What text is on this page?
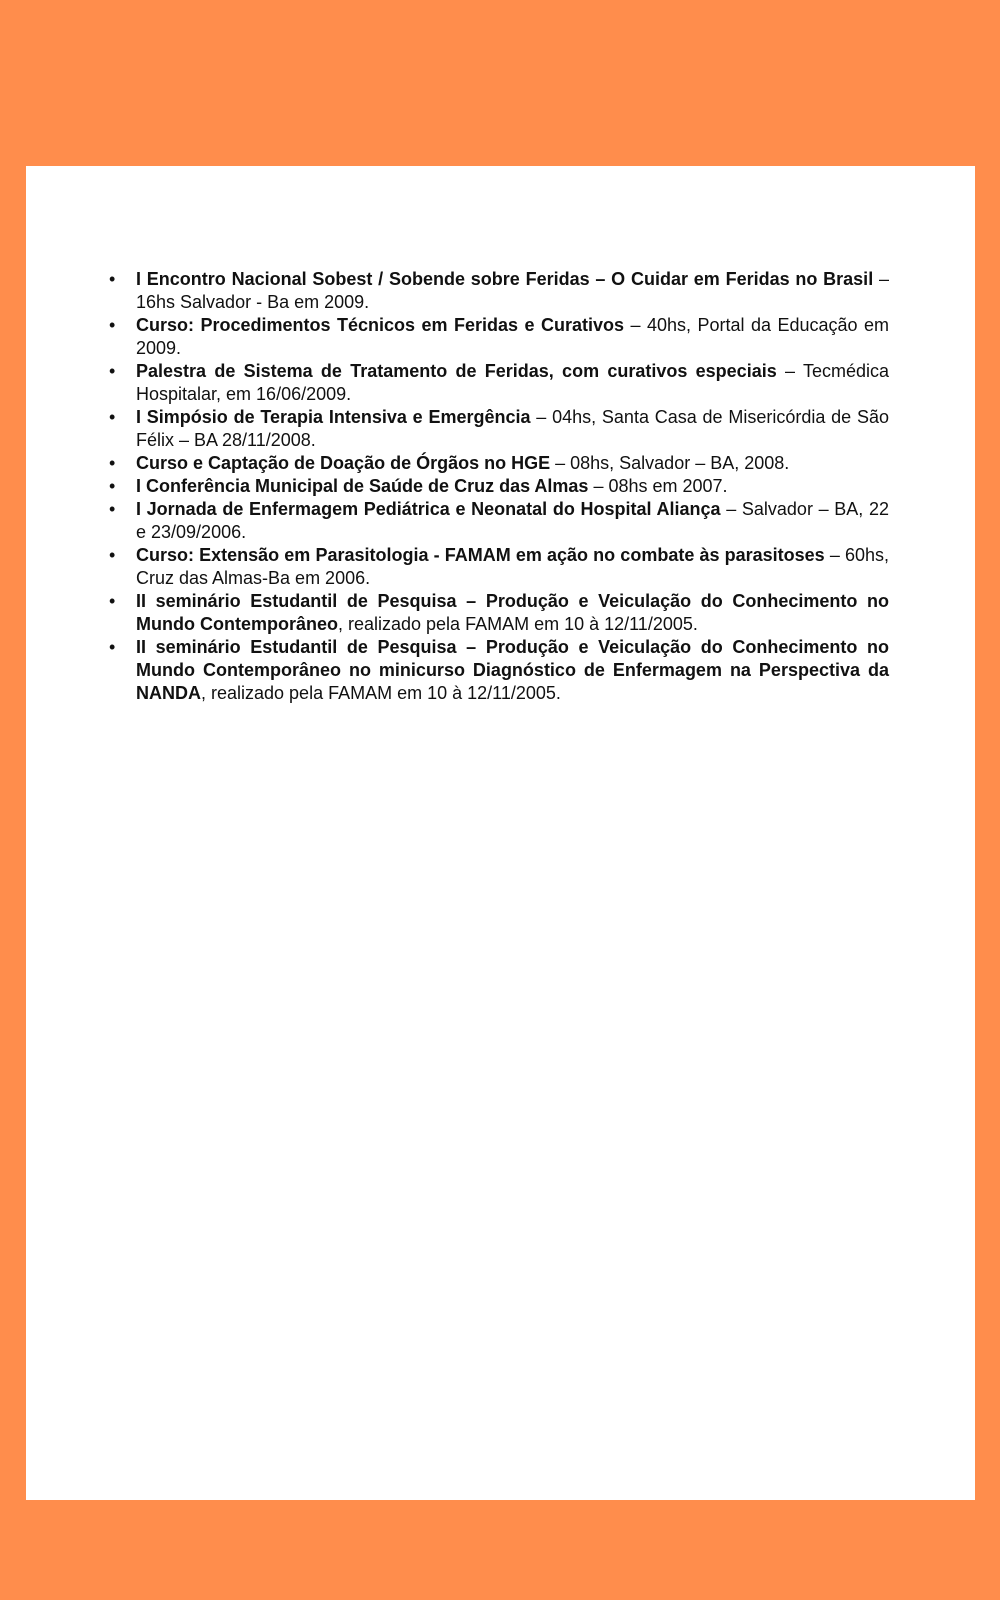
• I Encontro Nacional Sobest / Sobende sobre Feridas – O Cuidar em Feridas no Brasil – 16hs Salvador - Ba em 2009.
• Curso: Procedimentos Técnicos em Feridas e Curativos – 40hs, Portal da Educação em 2009.
• Palestra de Sistema de Tratamento de Feridas, com curativos especiais – Tecmédica Hospitalar, em 16/06/2009.
• I Simpósio de Terapia Intensiva e Emergência – 04hs, Santa Casa de Misericórdia de São Félix – BA 28/11/2008.
• Curso e Captação de Doação de Órgãos no HGE – 08hs, Salvador – BA, 2008.
• I Conferência Municipal de Saúde de Cruz das Almas – 08hs em 2007.
• I Jornada de Enfermagem Pediátrica e Neonatal do Hospital Aliança – Salvador – BA, 22 e 23/09/2006.
• Curso: Extensão em Parasitologia - FAMAM em ação no combate às parasitoses – 60hs, Cruz das Almas-Ba em 2006.
• II seminário Estudantil de Pesquisa – Produção e Veiculação do Conhecimento no Mundo Contemporâneo, realizado pela FAMAM em 10 à 12/11/2005.
• II seminário Estudantil de Pesquisa – Produção e Veiculação do Conhecimento no Mundo Contemporâneo no minicurso Diagnóstico de Enfermagem na Perspectiva da NANDA, realizado pela FAMAM em 10 à 12/11/2005.
